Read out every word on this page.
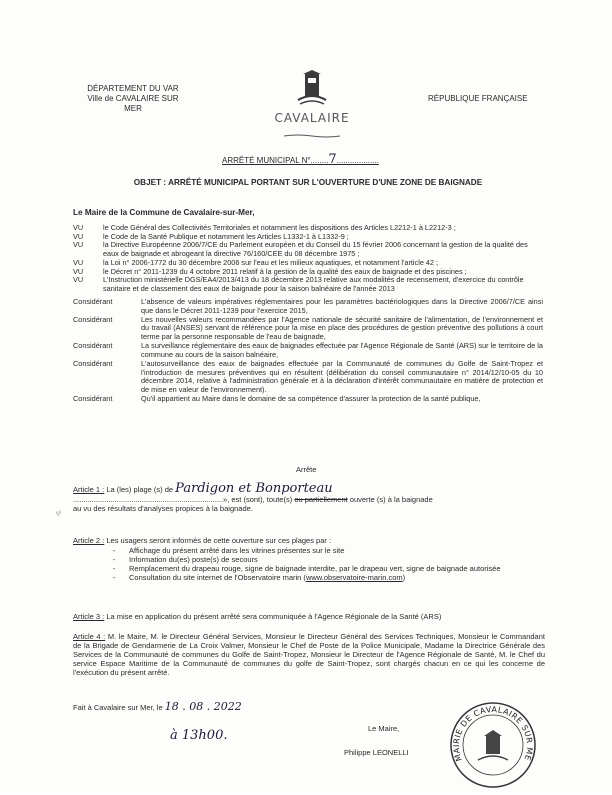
DÉPARTEMENT DU VAR
Ville de CAVALAIRE SUR
MER
CAVALAIRE
RÉPUBLIQUE FRANÇAISE
ARRÊTÉ MUNICIPAL N°........7...................
OBJET : ARRÊTÉ MUNICIPAL PORTANT SUR L'OUVERTURE D'UNE ZONE DE BAIGNADE
Le Maire de la Commune de Cavalaire-sur-Mer,
VU	le Code Général des Collectivités Territoriales et notamment les dispositions des Articles L2212-1 à L2212-3 ;
VU	le Code de la Santé Publique et notamment les Articles L1332-1 à L1332-9 ;
VU	la Directive Européenne 2006/7/CE du Parlement européen et du Conseil du 15 février 2006 concernant la gestion de la qualité des eaux de baignade et abrogeant la directive 76/160/CEE du 08 décembre 1975 ;
VU	la Loi n° 2006-1772 du 30 décembre 2006 sur l'eau et les milieux aquatiques, et notamment l'article 42 ;
VU	le Décret n° 2011-1239 du 4 octobre 2011 relatif à la gestion de la qualité des eaux de baignade et des piscines ;
VU	L'Instruction ministérielle DGS/EA4/2013/413 du 18 décembre 2013 relative aux modalités de recensement, d'exercice du contrôle sanitaire et de classement des eaux de baignade pour la saison balnéaire de l'année 2013
Considérant	L'absence de valeurs impératives réglementaires pour les paramètres bactériologiques dans la Directive 2006/7/CE ainsi que dans le Décret 2011-1239 pour l'exercice 2015,
Considérant	Les nouvelles valeurs recommandées par l'Agence nationale de sécurité sanitaire de l'alimentation, de l'environnement et du travail (ANSES) servant de référence pour la mise en place des procédures de gestion préventive des pollutions à court terme par la personne responsable de l'eau de baignade,
Considérant	La surveillance réglementaire des eaux de baignades effectuée par l'Agence Régionale de Santé (ARS) sur le territoire de la commune au cours de la saison balnéaire,
Considérant	L'autosurveillance des eaux de baignades effectuée par la Communauté de communes du Golfe de Saint-Tropez et l'introduction de mesures préventives qui en résultent (délibération du conseil communautaire n° 2014/12/10-05 du 10 décembre 2014, relative à l'administration générale et à la déclaration d'intérêt communautaire en matière de protection et de mise en valeur de l'environnement).
Considérant	Qu'il appartient au Maire dans le domaine de sa compétence d'assurer la protection de la santé publique,
Arrête
Article 1 : La (les) plage (s) de Pardigon et Bonporteau
........................................................................», est (sont), toute(s) ou partiellement ouverte (s) à la baignade
au vu des résultats d'analyses propices à la baignade.
Article 2 : Les usagers seront informés de cette ouverture sur ces plages par :
-	Affichage du présent arrêté dans les vitrines présentes sur le site
-	Information du(es) poste(s) de secours
-	Remplacement du drapeau rouge, signe de baignade interdite, par le drapeau vert, signe de baignade autorisée
-	Consultation du site internet de l'Observatoire marin (www.observatoire-marin.com)
Article 3 : La mise en application du présent arrêté sera communiquée à l'Agence Régionale de la Santé (ARS)
Article 4 : M. le Maire, M. le Directeur Général Services, Monsieur le Directeur Général des Services Techniques, Monsieur le Commandant de la Brigade de Gendarmerie de La Croix Valmer, Monsieur le Chef de Poste de la Police Municipale, Madame la Directrice Générale des Services de la Communauté de communes du Golfe de Saint-Tropez, Monsieur le Directeur de l'Agence Régionale de Santé, M. le Chef du service Espace Maritime de la Communauté de communes du golfe de Saint-Tropez, sont chargés chacun en ce qui les concerne de l'exécution du présent arrêté.
Fait à Cavalaire sur Mer, le 18 . 08 . 2022
à 13h00.	Le Maire,
Philippe LEONELLI	MAIRIE DE CAVALAIRE SUR ME
ᵞ/ⁱ
